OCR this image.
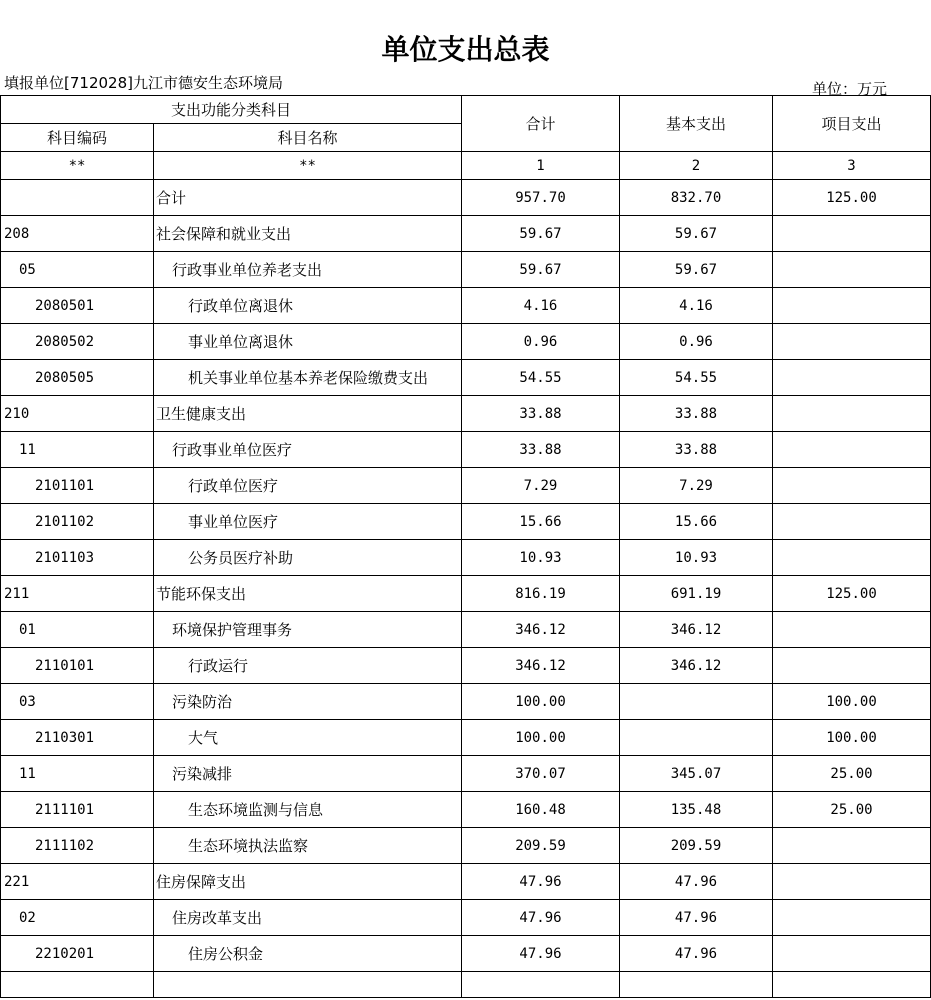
单位支出总表
填报单位[712028]九江市德安生态环境局	单位：万元
支出功能分类科目		合计	基本支出	项目支出
科目编码	科目名称			
**	**	1	2	3
	合计	957.70	832.70	125.00
208	社会保障和就业支出	59.67	59.67	
05	行政事业单位养老支出	59.67	59.67	
2080501	行政单位离退休	4.16	4.16	
2080502	事业单位离退休	0.96	0.96	
2080505	机关事业单位基本养老保险缴费支出	54.55	54.55	
210	卫生健康支出	33.88	33.88	
11	行政事业单位医疗	33.88	33.88	
2101101	行政单位医疗	7.29	7.29	
2101102	事业单位医疗	15.66	15.66	
2101103	公务员医疗补助	10.93	10.93	
211	节能环保支出	816.19	691.19	125.00
01	环境保护管理事务	346.12	346.12	
2110101	行政运行	346.12	346.12	
03	污染防治	100.00		100.00
2110301	大气	100.00		100.00
11	污染减排	370.07	345.07	25.00
2111101	生态环境监测与信息	160.48	135.48	25.00
2111102	生态环境执法监察	209.59	209.59	
221	住房保障支出	47.96	47.96	
02	住房改革支出	47.96	47.96	
2210201	住房公积金	47.96	47.96	
